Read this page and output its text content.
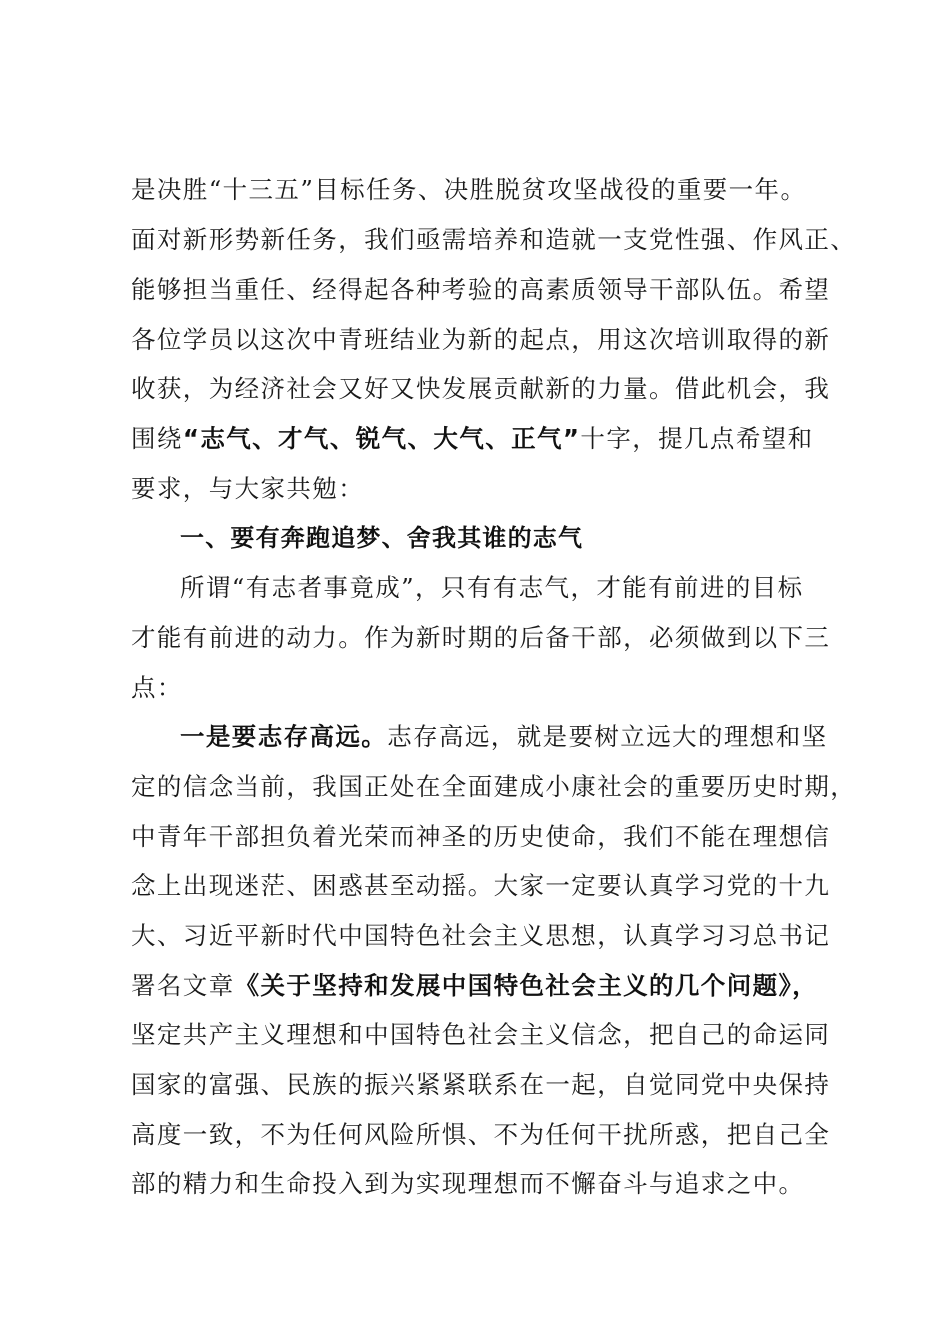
是决胜“十三五”目标任务、决胜脱贫攻坚战役的重要一年。
面对新形势新任务，我们亟需培养和造就一支党性强、作风正、
能够担当重任、经得起各种考验的高素质领导干部队伍。希望
各位学员以这次中青班结业为新的起点，用这次培训取得的新
收获，为经济社会又好又快发展贡献新的力量。借此机会，我
围绕“志气、才气、锐气、大气、正气”十字，提几点希望和
要求，与大家共勉：
一、要有奔跑追梦、舍我其谁的志气
所谓“有志者事竟成”，只有有志气，才能有前进的目标
才能有前进的动力。作为新时期的后备干部，必须做到以下三
点：
一是要志存高远。志存高远，就是要树立远大的理想和坚
定的信念当前，我国正处在全面建成小康社会的重要历史时期，
中青年干部担负着光荣而神圣的历史使命，我们不能在理想信
念上出现迷茫、困惑甚至动摇。大家一定要认真学习党的十九
大、习近平新时代中国特色社会主义思想，认真学习习总书记
署名文章《关于坚持和发展中国特色社会主义的几个问题》，
坚定共产主义理想和中国特色社会主义信念，把自己的命运同
国家的富强、民族的振兴紧紧联系在一起，自觉同党中央保持
高度一致，不为任何风险所惧、不为任何干扰所惑，把自己全
部的精力和生命投入到为实现理想而不懈奋斗与追求之中。
